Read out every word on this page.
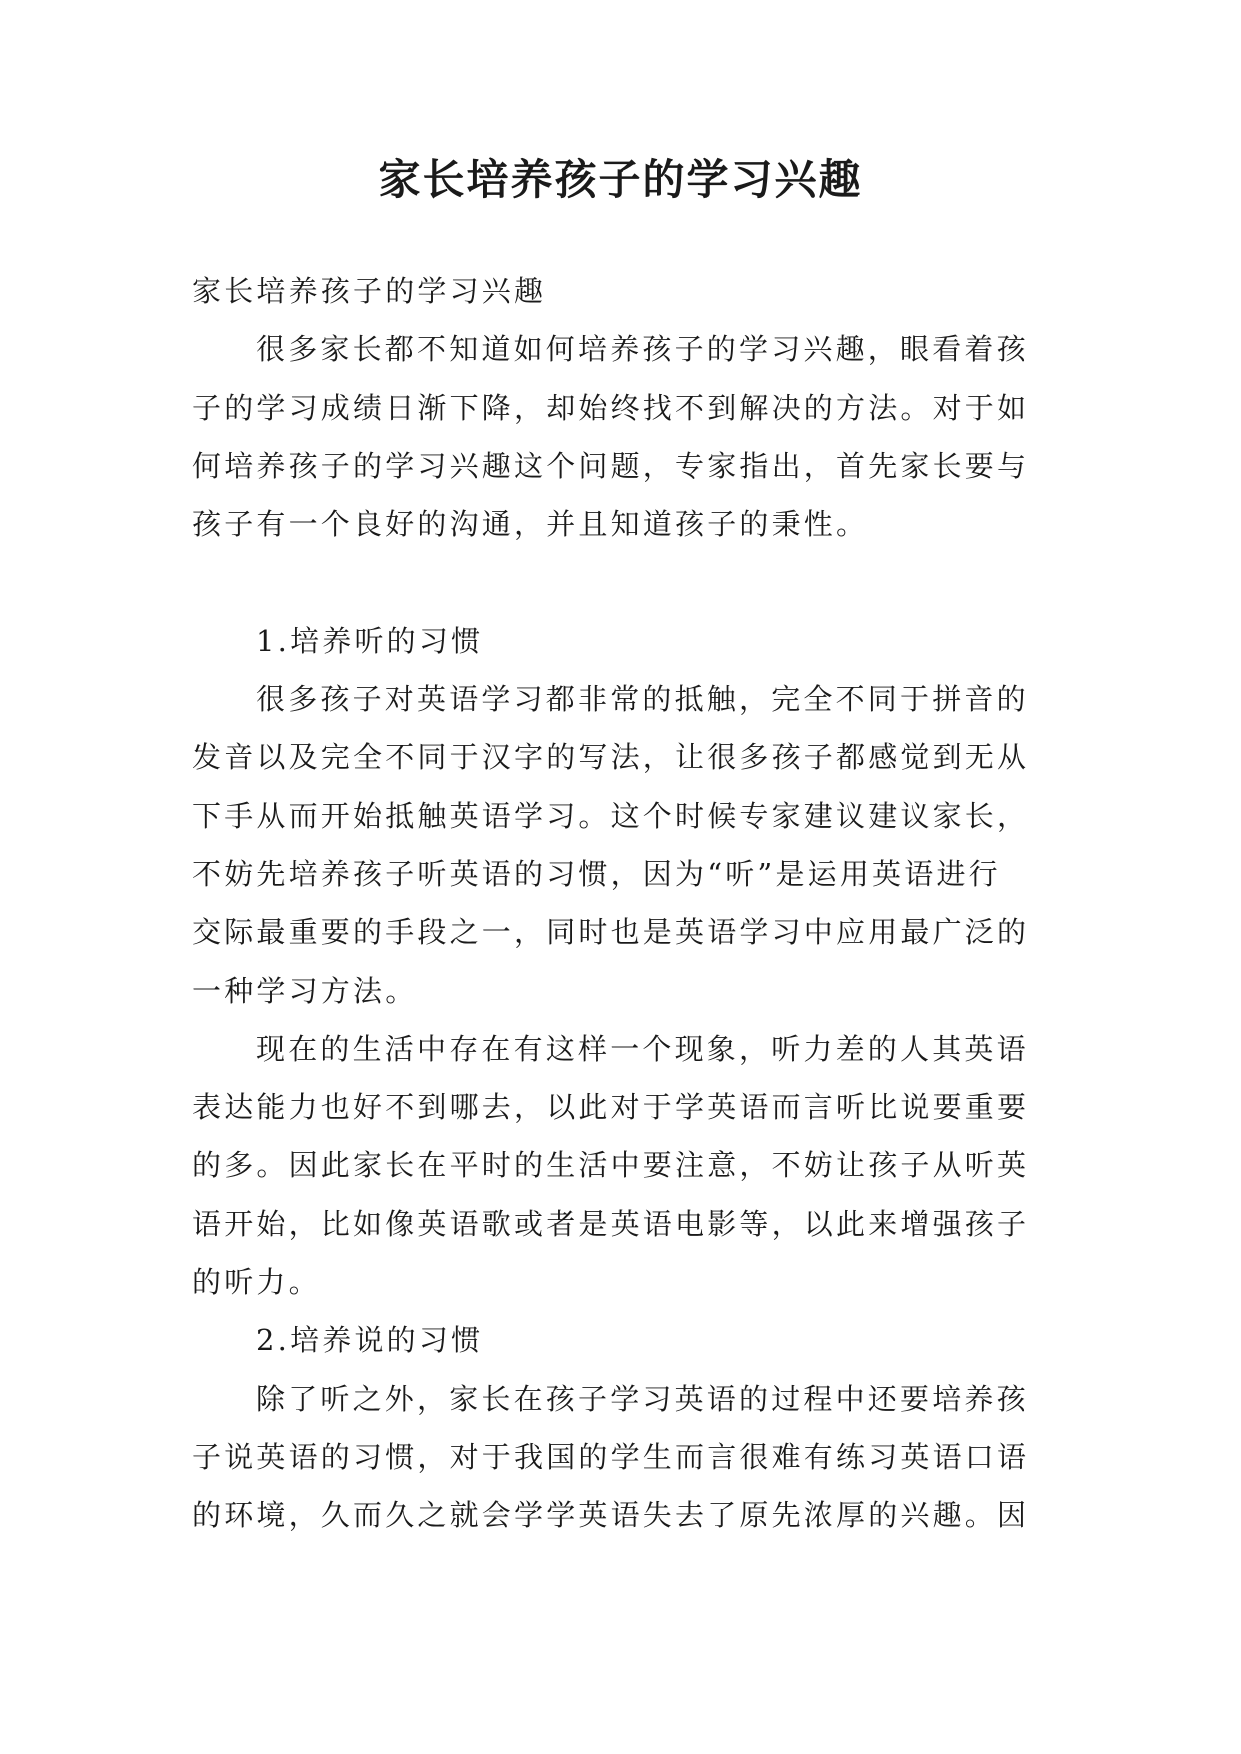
家长培养孩子的学习兴趣
家长培养孩子的学习兴趣
很多家长都不知道如何培养孩子的学习兴趣，眼看着孩
子的学习成绩日渐下降，却始终找不到解决的方法。对于如
何培养孩子的学习兴趣这个问题，专家指出，首先家长要与
孩子有一个良好的沟通，并且知道孩子的秉性。
1.培养听的习惯
很多孩子对英语学习都非常的抵触，完全不同于拼音的
发音以及完全不同于汉字的写法，让很多孩子都感觉到无从
下手从而开始抵触英语学习。这个时候专家建议建议家长，
不妨先培养孩子听英语的习惯，因为“听”是运用英语进行
交际最重要的手段之一，同时也是英语学习中应用最广泛的
一种学习方法。
现在的生活中存在有这样一个现象，听力差的人其英语
表达能力也好不到哪去，以此对于学英语而言听比说要重要
的多。因此家长在平时的生活中要注意，不妨让孩子从听英
语开始，比如像英语歌或者是英语电影等，以此来增强孩子
的听力。
2.培养说的习惯
除了听之外，家长在孩子学习英语的过程中还要培养孩
子说英语的习惯，对于我国的学生而言很难有练习英语口语
的环境，久而久之就会学学英语失去了原先浓厚的兴趣。因
